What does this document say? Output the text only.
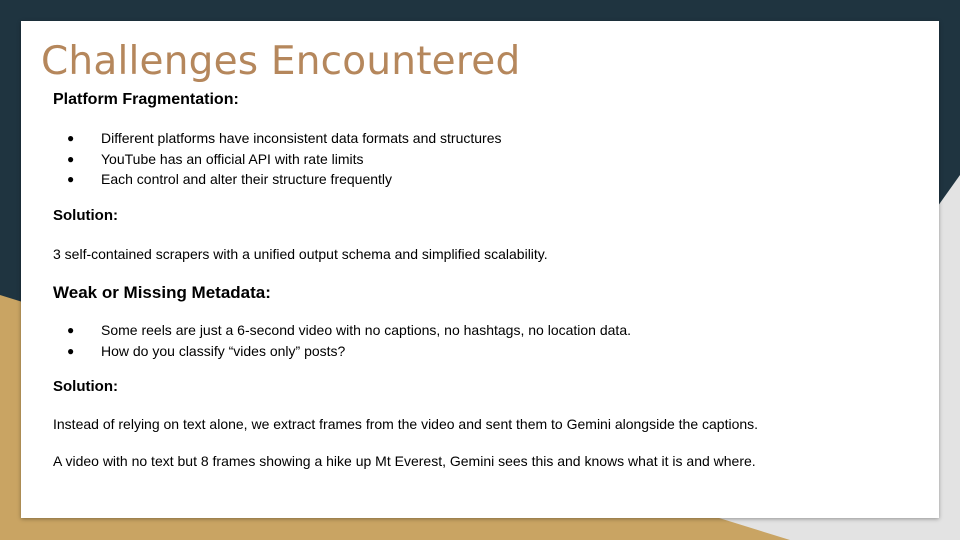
Challenges Encountered
Platform Fragmentation:
● Different platforms have inconsistent data formats and structures
● YouTube has an official API with rate limits
● Each control and alter their structure frequently
Solution:
3 self-contained scrapers with a unified output schema and simplified scalability.
Weak or Missing Metadata:
● Some reels are just a 6-second video with no captions, no hashtags, no location data.
● How do you classify “vides only” posts?
Solution:
Instead of relying on text alone, we extract frames from the video and sent them to Gemini alongside the captions.
A video with no text but 8 frames showing a hike up Mt Everest, Gemini sees this and knows what it is and where.
